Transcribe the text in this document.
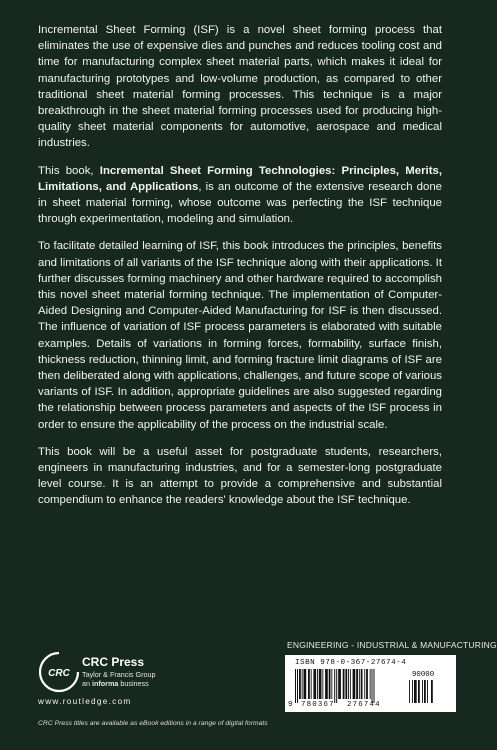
Incremental Sheet Forming (ISF) is a novel sheet forming process that eliminates the use of expensive dies and punches and reduces tooling cost and time for manufacturing complex sheet material parts, which makes it ideal for manufacturing prototypes and low-volume production, as compared to other traditional sheet material forming processes. This technique is a major breakthrough in the sheet material forming processes used for producing high-quality sheet material components for automotive, aerospace and medical industries.

This book, Incremental Sheet Forming Technologies: Principles, Merits, Limitations, and Applications, is an outcome of the extensive research done in sheet material forming, whose outcome was perfecting the ISF technique through experimentation, modeling and simulation.

To facilitate detailed learning of ISF, this book introduces the principles, benefits and limitations of all variants of the ISF technique along with their applications. It further discusses forming machinery and other hardware required to accomplish this novel sheet material forming technique. The implementation of Computer-Aided Designing and Computer-Aided Manufacturing for ISF is then discussed. The influence of variation of ISF process parameters is elaborated with suitable examples. Details of variations in forming forces, formability, surface finish, thickness reduction, thinning limit, and forming fracture limit diagrams of ISF are then deliberated along with applications, challenges, and future scope of various variants of ISF. In addition, appropriate guidelines are also suggested regarding the relationship between process parameters and aspects of the ISF process in order to ensure the applicability of the process on the industrial scale.

This book will be a useful asset for postgraduate students, researchers, engineers in manufacturing industries, and for a semester-long postgraduate level course. It is an attempt to provide a comprehensive and substantial compendium to enhance the readers' knowledge about the ISF technique.

ENGINEERING - INDUSTRIAL & MANUFACTURING
ISBN 978-0-367-27674-4
90000
9 780367 276744
CRC
CRC Press
Taylor & Francis Group
an informa business
www.routledge.com
CRC Press titles are available as eBook editions in a range of digital formats
